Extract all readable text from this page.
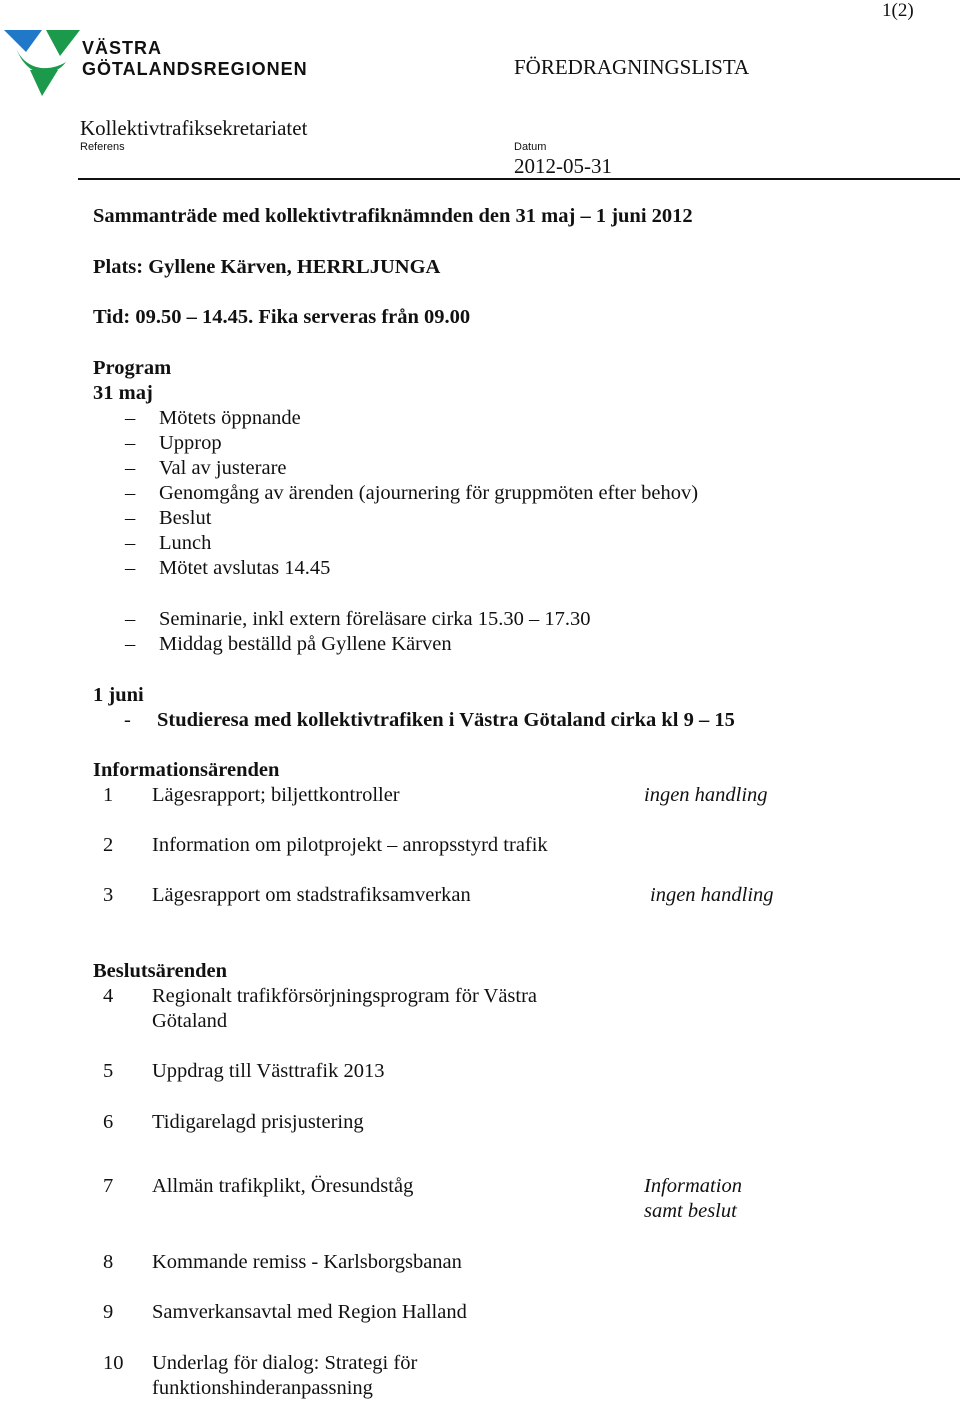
1(2)
VÄSTRA
GÖTALANDSREGIONEN	FÖREDRAGNINGSLISTA
Kollektivtrafiksekretariatet
Referens	Datum
2012-05-31
Sammanträde med kollektivtrafiknämnden den 31 maj – 1 juni 2012
Plats: Gyllene Kärven, HERRLJUNGA
Tid: 09.50 – 14.45. Fika serveras från 09.00
Program
31 maj
– Mötets öppnande
– Upprop
– Val av justerare
– Genomgång av ärenden (ajournering för gruppmöten efter behov)
– Beslut
– Lunch
– Mötet avslutas 14.45
– Seminarie, inkl extern föreläsare cirka 15.30 – 17.30
– Middag beställd på Gyllene Kärven
1 juni
- Studieresa med kollektivtrafiken i Västra Götaland cirka kl 9 – 15
Informationsärenden
1 Lägesrapport; biljettkontroller	ingen handling
2 Information om pilotprojekt – anropsstyrd trafik
3 Lägesrapport om stadstrafiksamverkan	ingen handling
Beslutsärenden
4 Regionalt trafikförsörjningsprogram för Västra
Götaland
5 Uppdrag till Västtrafik 2013
6 Tidigarelagd prisjustering
7 Allmän trafikplikt, Öresundståg	Information
samt beslut
8 Kommande remiss - Karlsborgsbanan
9 Samverkansavtal med Region Halland
10 Underlag för dialog: Strategi för
funktionshinderanpassning
